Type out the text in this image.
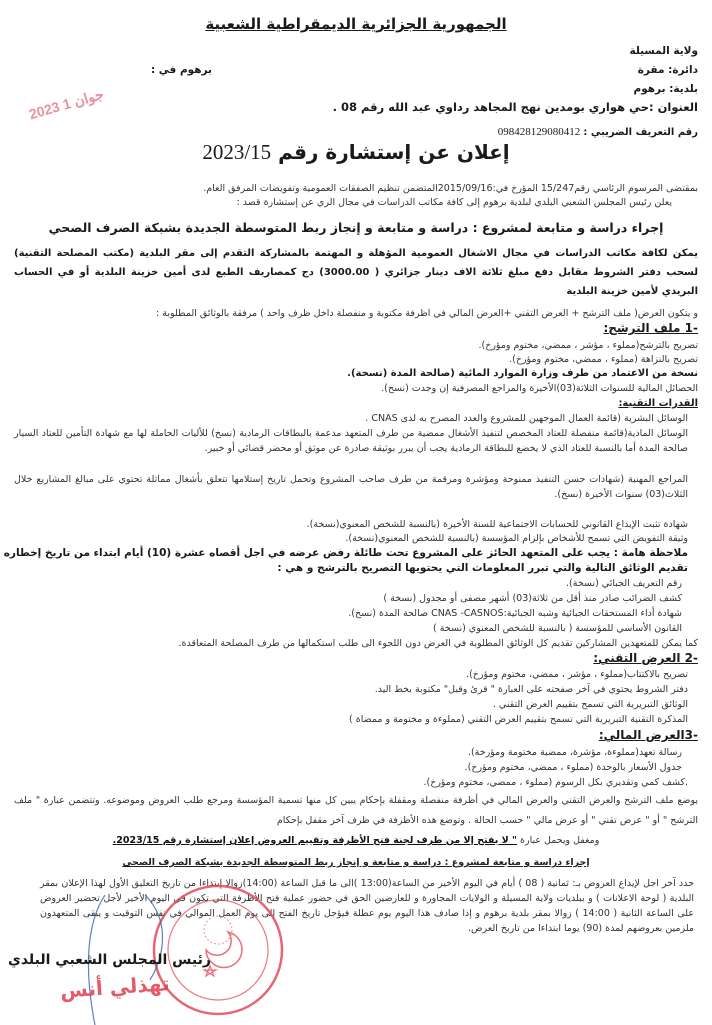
الجمهورية الجزائرية الديمقراطية الشعبية
ولاية المسيلة
دائرة: مقرة
برهوم في :
بلدية: برهوم
2023 جوان 1	العنوان :حي هواري بومدين نهج المجاهد رداوي عبد الله رقم 08 .
رقم التعريف الضريبي : 098428129080412
إعلان عن إستشارة رقم 2023/15
بمقتضى المرسوم الرئاسي رقم15/247 المؤرخ في:2015/09/16المتضمن تنظيم الصفقات العمومية وتفويضات المرفق العام.
يعلن رئيس المجلس الشعبي البلدي لبلدية برهوم إلى كافة مكاتب الدراسات في مجال الري عن إستشارة قصد :
إجراء دراسة و متابعة لمشروع : دراسة و متابعة و إنجاز ربط المتوسطة الجديدة بشبكة الصرف الصحي
يمكن لكافة مكاتب الدراسات في مجال الاشغال العمومية المؤهلة و المهتمة بالمشاركة التقدم إلى مقر البلدية (مكتب المصلحة التقنية) لسحب دفتر الشروط مقابل دفع مبلغ ثلاثة الاف دينار جزائري ( 3000.00) دج كمصاريف الطبع لدى أمين خزينة البلدية أو في الحساب البريدي لأمين خزينة البلدية
و يتكون العرض( ملف الترشح + العرض التقني +العرض المالي في اظرفة مكتوبة و منفصلة داخل ظرف واحد ) مرفقة بالوثائق المطلوبة :
-1 ملف الترشح:
تصريح بالترشح(مملوء ، مؤشر ، ممضي، مختوم ومؤرخ).
تصريح بالنزاهة (مملوء ، ممضي، مختوم ومؤرخ).
نسخة من الاعتماد من طرف وزارة الموارد المائية (صالحة المدة (نسخة).
الحصائل المالية للسنوات الثلاثة(03)الأخيرة والمراجع المصرفية إن وجدت (نسخ).
القدرات التقنية:
الوسائل البشرية (قائمة العمال الموجهين للمشروع والعدد المصرح به لدى CNAS .
الوسائل المادية(قائمة منفصلة للعتاد المخصص لتنفيذ الأشغال ممضية من طرف المتعهد مدعمة بالبطاقات الرمادية (نسخ) للأليات الحاملة لها مع شهادة التأمين للعتاد السيار صالحة المدة أما بالنسبة للعتاد الذي لا يخضع للبطاقة الرمادية يجب أن يبرر بوثيقة صادرة عن موثق أو محضر قضائي أو خبير.
المراجع المهنية (شهادات حسن التنفيذ ممنوحة ومؤشرة ومرقمة من طرف صاحب المشروع وتحمل تاريخ إستلامها تتعلق بأشغال مماثلة تحتوي على مبالغ المشاريع خلال الثلاث(03) سنوات الأخيرة (نسخ).
شهادة تثبت الإيداع القانوني للحسابات الاجتماعية للسنة الأخيرة (بالنسبة للشخص المعنوي(نسخة).
وثيقة التفويض التي تسمح للأشخاص بإلزام المؤسسة (بالنسبة للشخص المعنوي(نسخة).
ملاحظة هامة : يجب على المتعهد الحائز على المشروع تحت طائلة رفض عرضه في اجل أقصاه عشرة (10) أيام ابتداء من تاريخ إخطاره
تقديم الوثائق التالية والتي تبرر المعلومات التي يحتويها التصريح بالترشح و هي :
رقم التعريف الجبائي (نسخة).
كشف الضرائب صادر منذ أقل من ثلاثة(03) أشهر مصفى أو مجدول (نسخة )
شهادة أداء المستحقات الجبائية وشبه الجبائية:CNAS -CASNOS صالحة المدة (نسخ).
القانون الأساسي للمؤسسة ( بالنسبة للشخص المعنوي (نسخة )
كما يمكن للمتعهدين المشاركين تقديم كل الوثائق المطلوبة في العرض دون اللجوء الى طلب استكمالها من طرف المصلحة المتعاقدة.
-2 العرض التقني:
تصريح بالاكتتاب(مملوء ، مؤشر ، ممضي، مختوم ومؤرخ).
دفتر الشروط يحتوي في آخر صفحته على العبارة " قرئ وقبل" مكتوبة بخط اليد.
الوثائق التبريرية التي تسمح بتقييم العرض التقني .
المذكرة التقنية التبريرية التي تسمح بتقييم العرض التقني (مملوءة و مختومة و ممضاة )
-3العرض المالي:
رسالة تعهد(مملوءة، مؤشرة، ممضية مختومة ومؤرخة).
جدول الأسعار بالوحدة (مملوء ، ممضي، مختوم ومؤرخ).
.كشف كمي وتقديري بكل الرسوم (مملوء ، ممضي، مختوم ومؤرخ).
يوضع ملف الترشح والعرض التقني والعرض المالي في أظرفة منفصلة ومقفلة بإحكام يبين كل منها تسمية المؤسسة ومرجع طلب العروض وموضوعه. وتتضمن عبارة " ملف الترشح " أو " عرض تقني " أو عرض مالي " حسب الحالة . وتوضع هذه الأظرفة في ظرف آخر مقفل بإحكام
ومغفل ويحمل عبارة " لا يفتح إلا من طرف لجنة فتح الأظرفة وتقييم العروض إعلان إستشارة رقم 2023/15.
إجراء دراسة و متابعة لمشروع : دراسة و متابعة و إنجاز ربط المتوسطة الجديدة بشبكة الصرف الصحي
حدد آخر اجل لإيداع العروض بـ: ثمانية ( 08 ) أيام في اليوم الأخير من الساعة(13:00 )الى ما قبل الساعة (14:00)زوالا إبتداءا من تاريخ التعليق الأول لهذا الإعلان بمقر البلدية ( لوحة الاعلانات ) و ببلديات ولاية المسيلة و الولايات المجاورة و للعارضين الحق في حضور عملية فتح الأظرفة التي تكون في اليوم الأخير لأجل تحضير العروض على الساعة الثانية ( 14:00 ) زوالا بمقر بلدية برهوم و إذا صادف هذا اليوم يوم عطلة فيؤجل تاريخ الفتح إلى يوم العمل الموالي في نفس التوقيت و يبقى المتعهدون ملزمين بعروضهم لمدة (90) يوما ابتداءا من تاريخ العرض.
رئيس المجلس الشعبي البلدي
تهذلي أنس
